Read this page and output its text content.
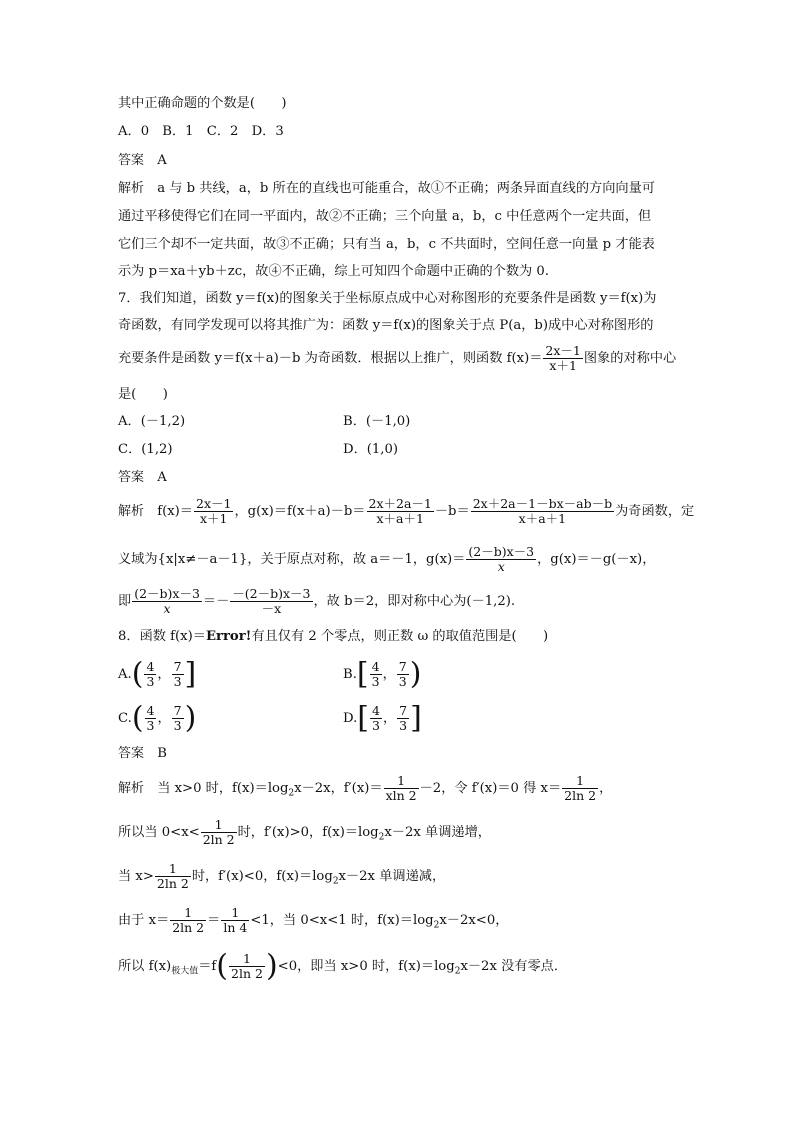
其中正确命题的个数是(　　)
A．0　B．1　C．2　D．3
答案　 A
解析　 a 与 b 共线，a，b 所在的直线也可能重合，故①不正确；两条异面直线的方向向量可
通过平移使得它们在同一平面内，故②不正确；三个向量 a，b，c 中任意两个一定共面，但
它们三个却不一定共面，故③不正确；只有当 a，b，c 不共面时，空间任意一向量 p 才能表
示为 p＝xa＋yb＋zc，故④不正确，综上可知四个命题中正确的个数为 0.
7．我们知道，函数 y＝f(x)的图象关于坐标原点成中心对称图形的充要条件是函数 y＝f(x)为
奇函数，有同学发现可以将其推广为：函数 y＝f(x)的图象关于点 P(a，b)成中心对称图形的
充要条件是函数 y＝f(x＋a)－b 为奇函数．根据以上推广，则函数 $f(x)= \frac{2x-1}{x+1}$ 图象的对称中心
是(　　)
A．(－1,2)	B．(－1,0)
C．(1,2)	D．(1,0)
答案　 A
解析　 $f(x)= \frac{2x-1}{x+1}$ ，$g(x)=f(x+a)-b= \frac{2x+2a-1}{x+a+1} -b= \frac{2x+2a-1-bx-ab-b}{x+a+1}$ 为奇函数，定
义域为{x|x≠－a－1}，关于原点对称，故 a＝－1，$g(x)= \frac{(2-b)x-3}{x}$ ，g(x)＝－g(－x)，
即 $\frac{(2-b)x-3}{x} =- \frac{-(2-b)x-3}{-x}$ ，故 b＝2，即对称中心为(－1,2).
8．函数 f(x)＝Error!有且仅有 2 个零点，则正数 ω 的取值范围是(　　)
$A.( \frac{4}{3}$ ， $\frac{7}{3}$ ]	$B.[ \frac{4}{3}$ ， $\frac{7}{3}$ )
$C.( \frac{4}{3}$ ， $\frac{7}{3}$ )	$D.[ \frac{4}{3}$ ， $\frac{7}{3}$ ]
答案　 B
解析　 当 x>0 时，$f(x)=\log_2x-2x$，$f'(x)= \frac{1}{xln 2} -2$，令 f′(x)＝0 得 $x= \frac{1}{2\ln 2}$ ，
所以当 $0<x< \frac{1}{2\ln 2}$ 时，f′(x)>0，$f(x)=\log_2x-2x$ 单调递增，
当 $x> \frac{1}{2\ln 2}$ 时，f′(x)<0，$f(x)=\log_2x-2x$ 单调递减，
由于 $x= \frac{1}{2\ln 2} = \frac{1}{\ln 4} <1$，当 0<x<1 时，$f(x)=\log_2x-2x<0$，
所以 $f(x)_{极大值}=f( \frac{1}{2\ln 2} )<0$，即当 x>0 时，$f(x)=\log_2x-2x$ 没有零点．
